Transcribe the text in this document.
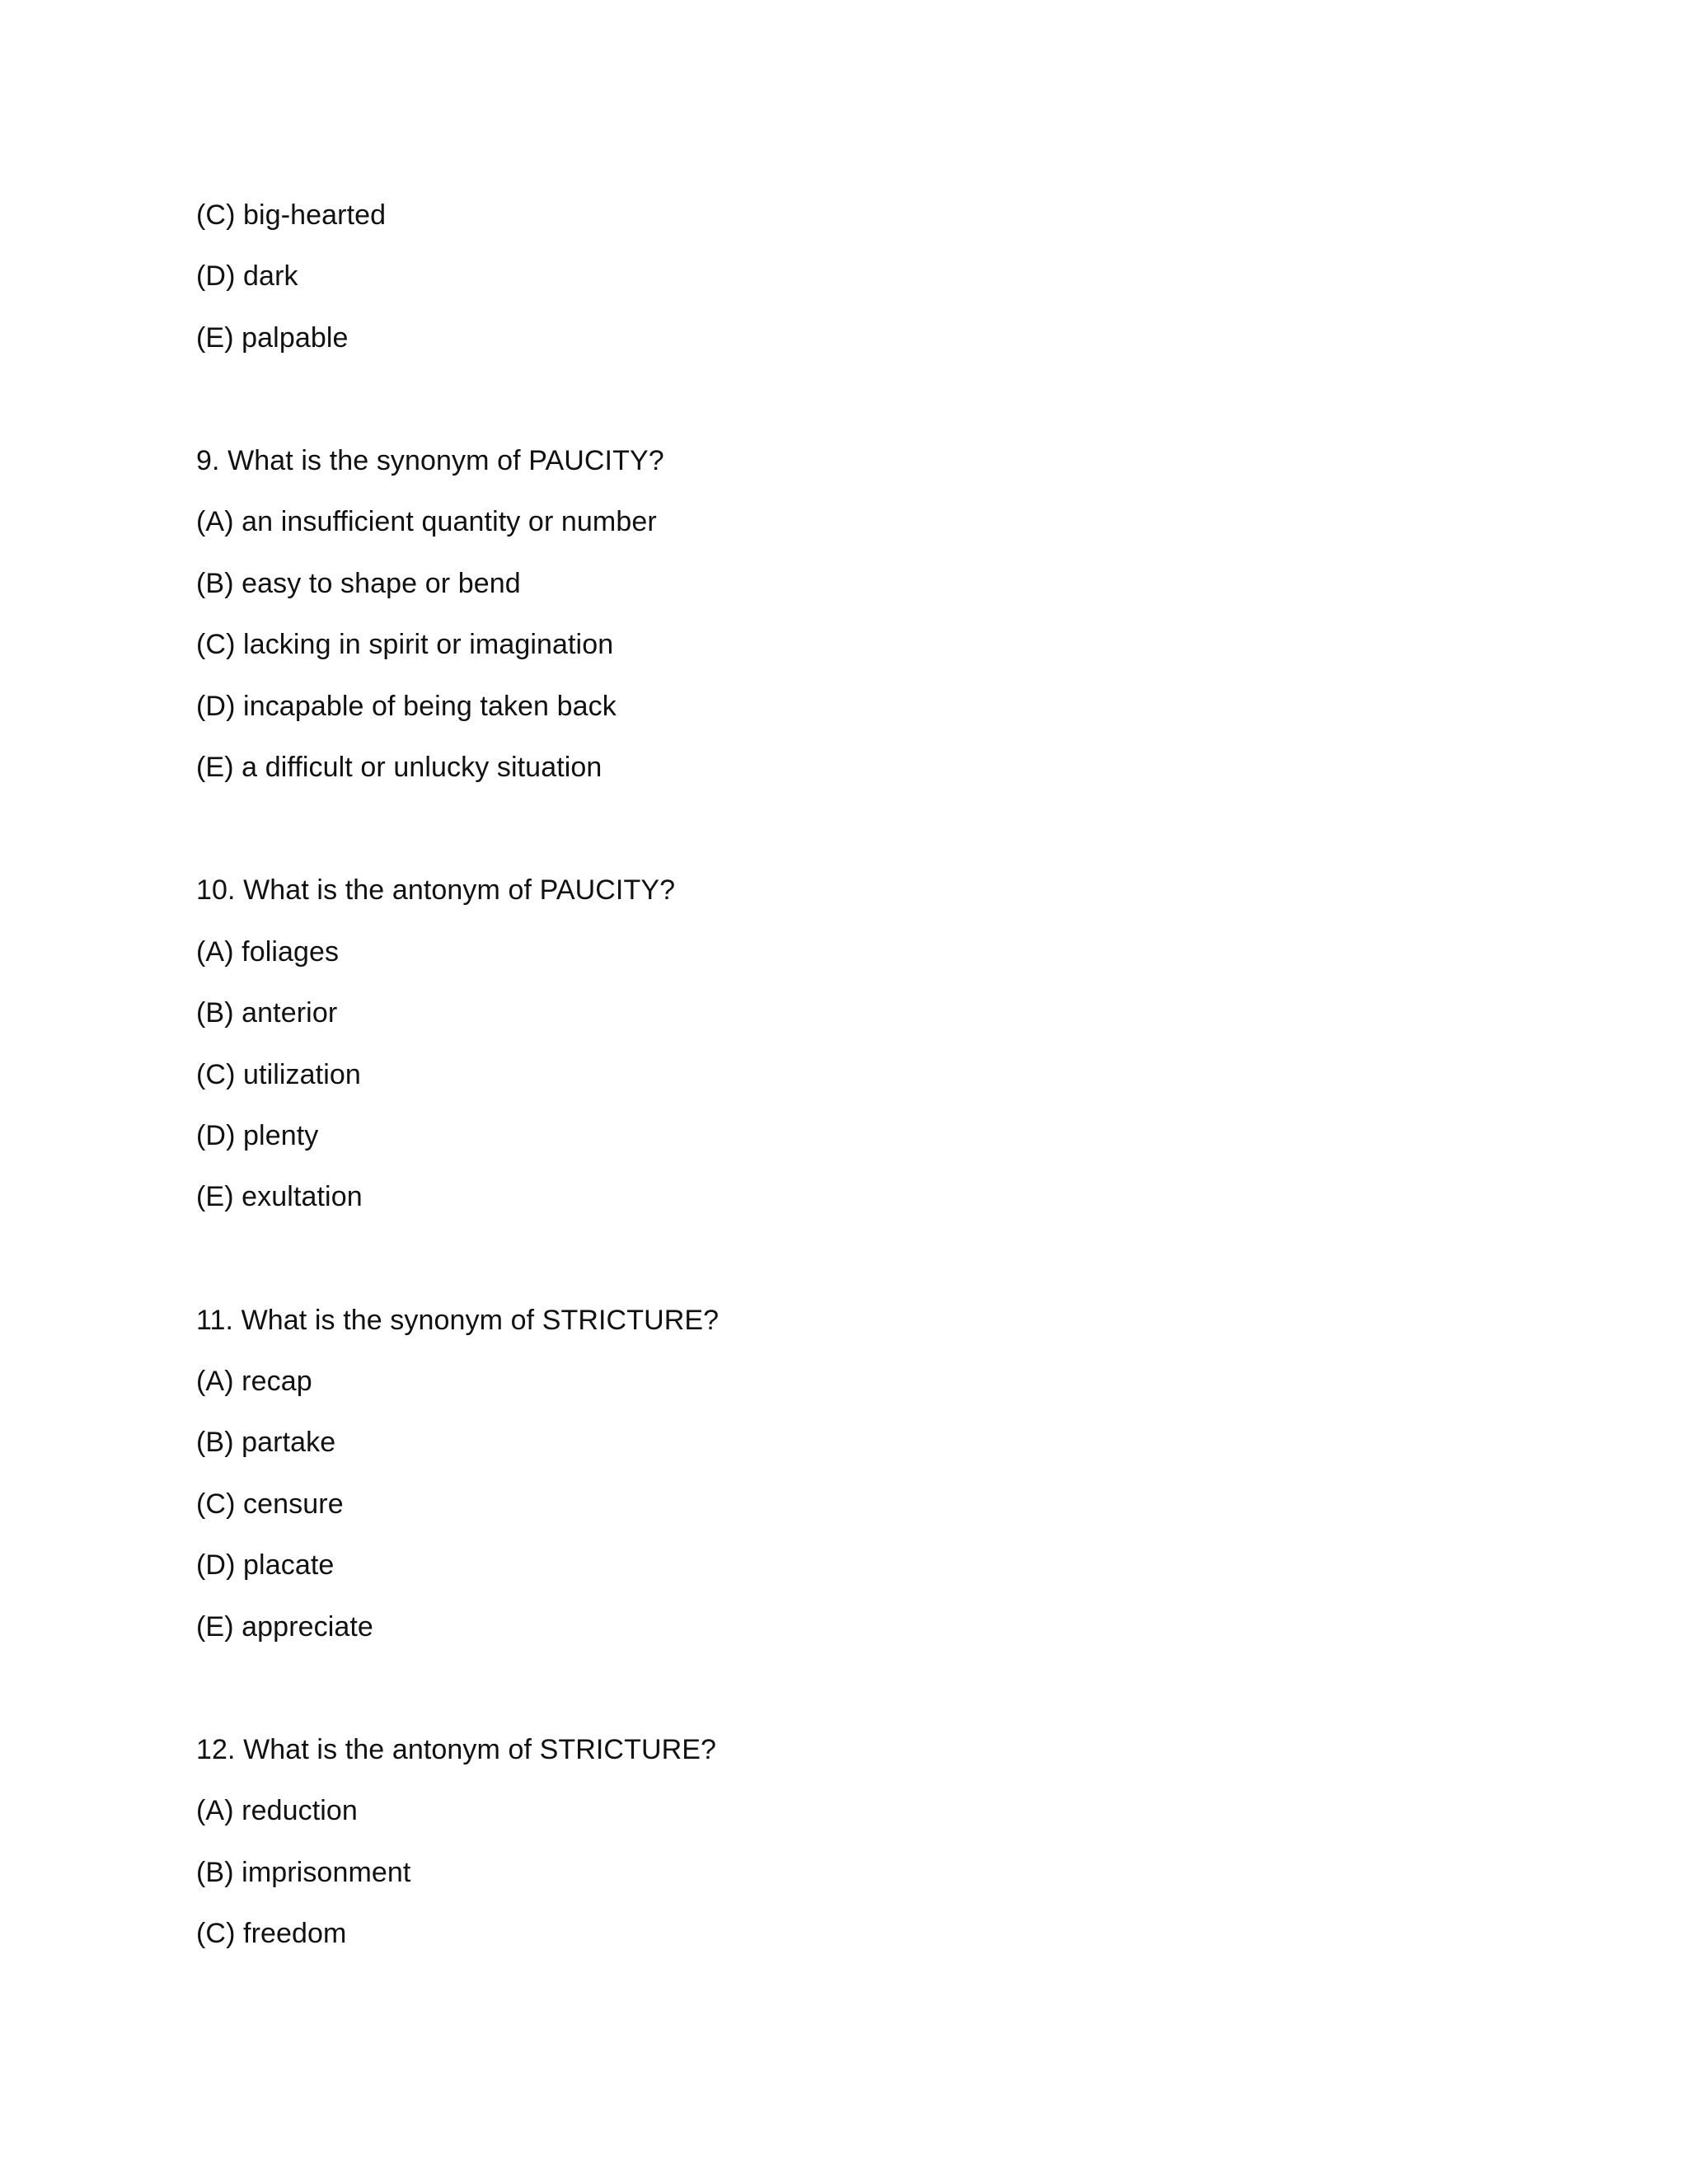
(C) big-hearted
(D) dark
(E) palpable
9. What is the synonym of PAUCITY?
(A) an insufficient quantity or number
(B) easy to shape or bend
(C) lacking in spirit or imagination
(D) incapable of being taken back
(E) a difficult or unlucky situation
10. What is the antonym of PAUCITY?
(A) foliages
(B) anterior
(C) utilization
(D) plenty
(E) exultation
11. What is the synonym of STRICTURE?
(A) recap
(B) partake
(C) censure
(D) placate
(E) appreciate
12. What is the antonym of STRICTURE?
(A) reduction
(B) imprisonment
(C) freedom
